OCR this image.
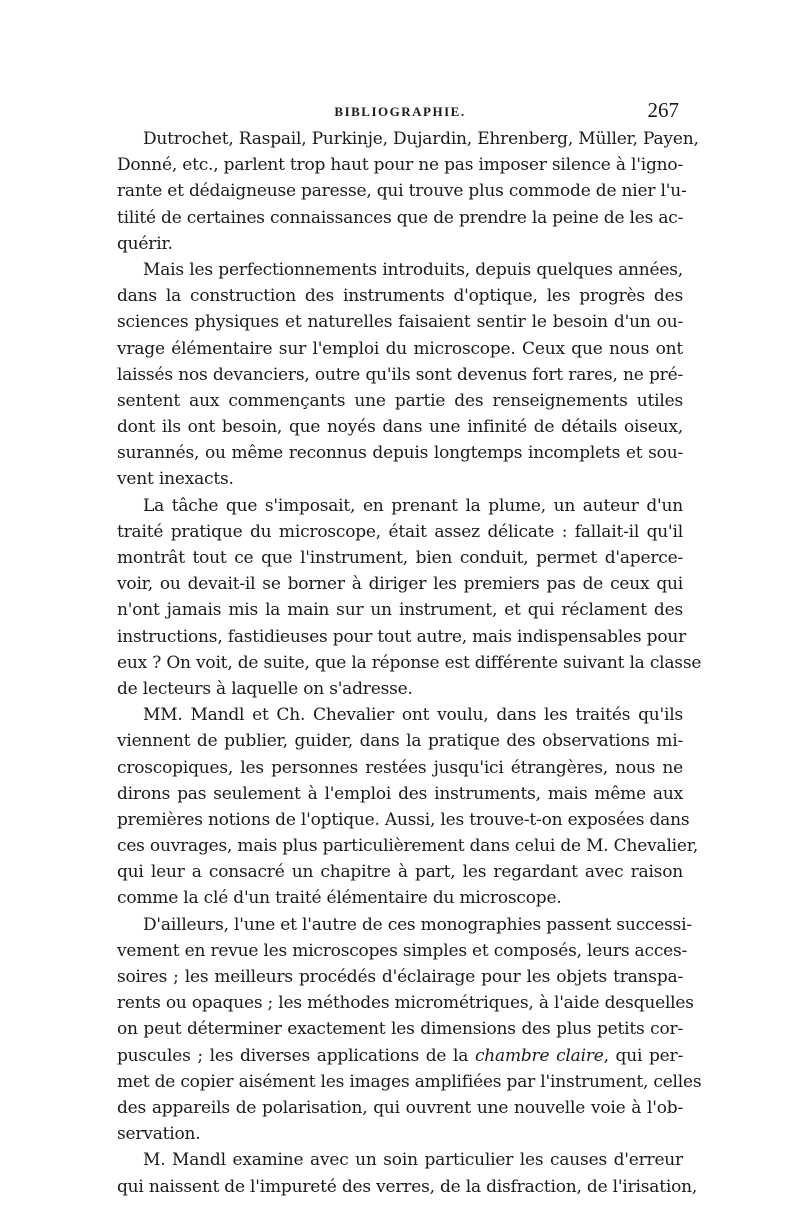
BIBLIOGRAPHIE.	267
Dutrochet, Raspail, Purkinje, Dujardin, Ehrenberg, Müller, Payen,
Donné, etc., parlent trop haut pour ne pas imposer silence à l'igno-
rante et dédaigneuse paresse, qui trouve plus commode de nier l'u-
tilité de certaines connaissances que de prendre la peine de les ac-
quérir.
Mais les perfectionnements introduits, depuis quelques années,
dans la construction des instruments d'optique, les progrès des
sciences physiques et naturelles faisaient sentir le besoin d'un ou-
vrage élémentaire sur l'emploi du microscope. Ceux que nous ont
laissés nos devanciers, outre qu'ils sont devenus fort rares, ne pré-
sentent aux commençants une partie des renseignements utiles
dont ils ont besoin, que noyés dans une infinité de détails oiseux,
surannés, ou même reconnus depuis longtemps incomplets et sou-
vent inexacts.
La tâche que s'imposait, en prenant la plume, un auteur d'un
traité pratique du microscope, était assez délicate : fallait-il qu'il
montrât tout ce que l'instrument, bien conduit, permet d'aperce-
voir, ou devait-il se borner à diriger les premiers pas de ceux qui
n'ont jamais mis la main sur un instrument, et qui réclament des
instructions, fastidieuses pour tout autre, mais indispensables pour
eux ? On voit, de suite, que la réponse est différente suivant la classe
de lecteurs à laquelle on s'adresse.
MM. Mandl et Ch. Chevalier ont voulu, dans les traités qu'ils
viennent de publier, guider, dans la pratique des observations mi-
croscopiques, les personnes restées jusqu'ici étrangères, nous ne
dirons pas seulement à l'emploi des instruments, mais même aux
premières notions de l'optique. Aussi, les trouve-t-on exposées dans
ces ouvrages, mais plus particulièrement dans celui de M. Chevalier,
qui leur a consacré un chapitre à part, les regardant avec raison
comme la clé d'un traité élémentaire du microscope.
D'ailleurs, l'une et l'autre de ces monographies passent successi-
vement en revue les microscopes simples et composés, leurs acces-
soires ; les meilleurs procédés d'éclairage pour les objets transpa-
rents ou opaques ; les méthodes micrométriques, à l'aide desquelles
on peut déterminer exactement les dimensions des plus petits cor-
puscules ; les diverses applications de la chambre claire, qui per-
met de copier aisément les images amplifiées par l'instrument, celles
des appareils de polarisation, qui ouvrent une nouvelle voie à l'ob-
servation.
M. Mandl examine avec un soin particulier les causes d'erreur
qui naissent de l'impureté des verres, de la disfraction, de l'irisation,
